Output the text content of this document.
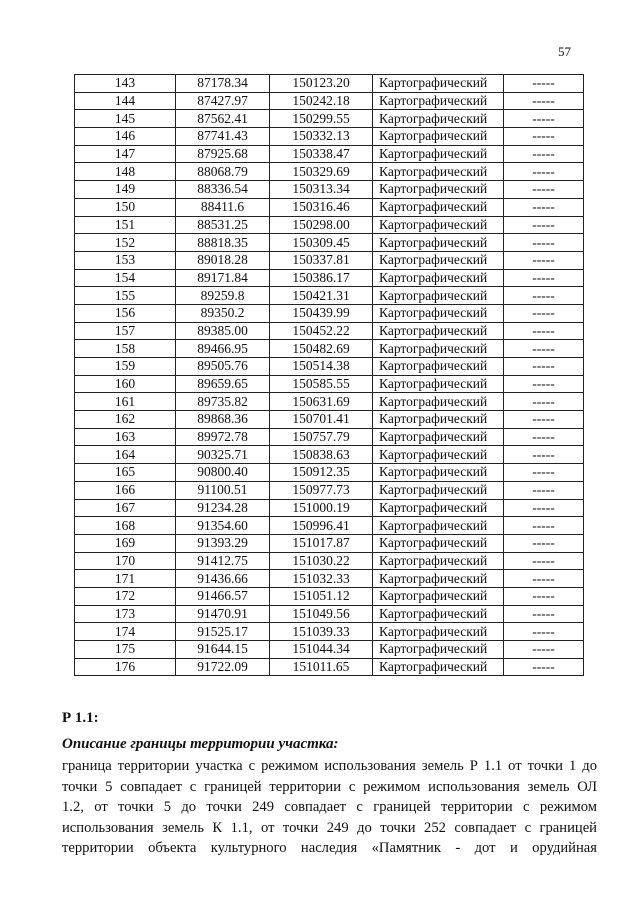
57
143	87178.34	150123.20	Картографический	-----
144	87427.97	150242.18	Картографический	-----
145	87562.41	150299.55	Картографический	-----
146	87741.43	150332.13	Картографический	-----
147	87925.68	150338.47	Картографический	-----
148	88068.79	150329.69	Картографический	-----
149	88336.54	150313.34	Картографический	-----
150	88411.6	150316.46	Картографический	-----
151	88531.25	150298.00	Картографический	-----
152	88818.35	150309.45	Картографический	-----
153	89018.28	150337.81	Картографический	-----
154	89171.84	150386.17	Картографический	-----
155	89259.8	150421.31	Картографический	-----
156	89350.2	150439.99	Картографический	-----
157	89385.00	150452.22	Картографический	-----
158	89466.95	150482.69	Картографический	-----
159	89505.76	150514.38	Картографический	-----
160	89659.65	150585.55	Картографический	-----
161	89735.82	150631.69	Картографический	-----
162	89868.36	150701.41	Картографический	-----
163	89972.78	150757.79	Картографический	-----
164	90325.71	150838.63	Картографический	-----
165	90800.40	150912.35	Картографический	-----
166	91100.51	150977.73	Картографический	-----
167	91234.28	151000.19	Картографический	-----
168	91354.60	150996.41	Картографический	-----
169	91393.29	151017.87	Картографический	-----
170	91412.75	151030.22	Картографический	-----
171	91436.66	151032.33	Картографический	-----
172	91466.57	151051.12	Картографический	-----
173	91470.91	151049.56	Картографический	-----
174	91525.17	151039.33	Картографический	-----
175	91644.15	151044.34	Картографический	-----
176	91722.09	151011.65	Картографический	-----
Р 1.1:
Описание границы территории участка:
граница территории участка с режимом использования земель Р 1.1 от точки 1 до
точки 5 совпадает с границей территории с режимом использования земель ОЛ
1.2, от точки 5 до точки 249 совпадает с границей территории с режимом
использования земель К 1.1, от точки 249 до точки 252 совпадает с границей
территории объекта культурного наследия «Памятник - дот и орудийная
